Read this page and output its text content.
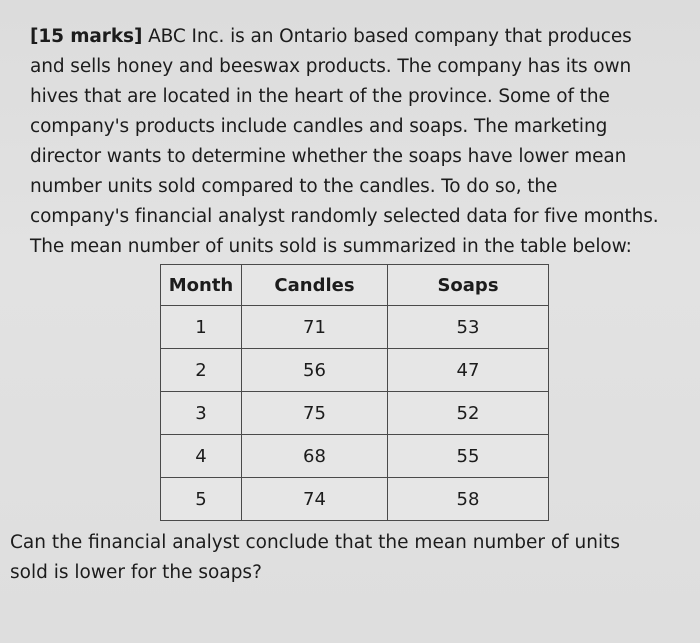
[15 marks] ABC Inc. is an Ontario based company that produces
and sells honey and beeswax products. The company has its own
hives that are located in the heart of the province. Some of the
company's products include candles and soaps. The marketing
director wants to determine whether the soaps have lower mean
number units sold compared to the candles. To do so, the
company's financial analyst randomly selected data for five months.
The mean number of units sold is summarized in the table below:
Month	Candles	Soaps
1	71	53
2	56	47
3	75	52
4	68	55
5	74	58
Can the financial analyst conclude that the mean number of units
sold is lower for the soaps?
